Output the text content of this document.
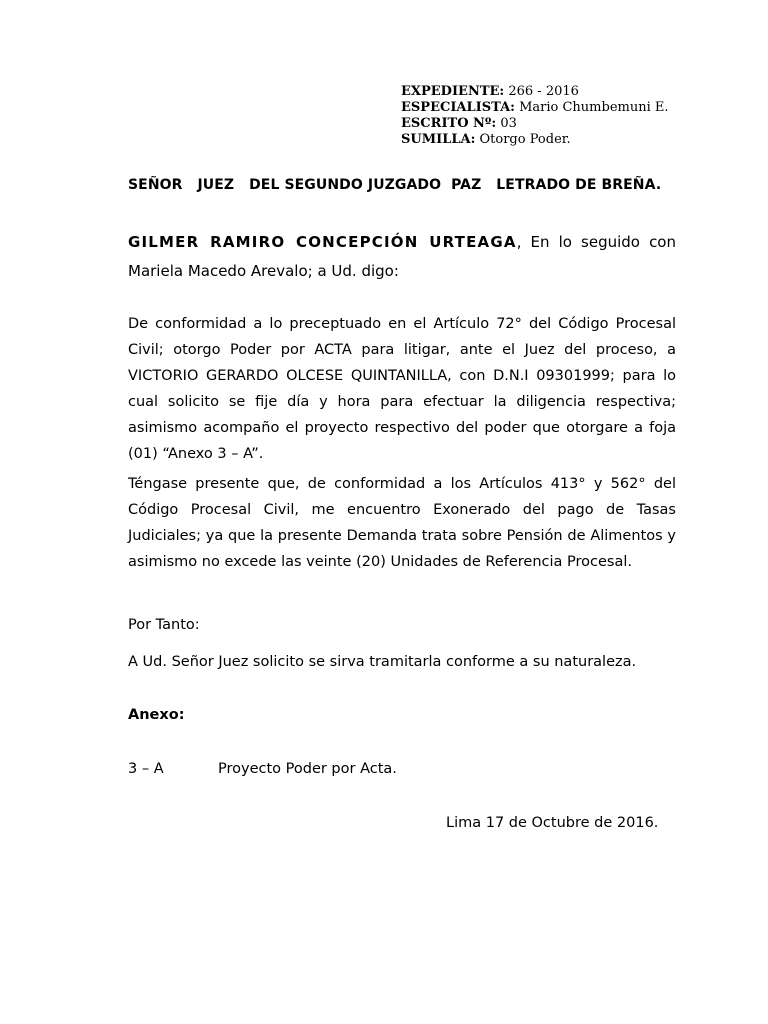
EXPEDIENTE: 266 - 2016
ESPECIALISTA: Mario Chumbemuni E.
ESCRITO Nº: 03
SUMILLA: Otorgo Poder.
SEÑOR   JUEZ   DEL SEGUNDO JUZGADO  PAZ   LETRADO DE BREÑA.
GILMER RAMIRO CONCEPCIÓN URTEAGA, En lo seguido con Mariela Macedo Arevalo; a Ud. digo:
De conformidad a lo preceptuado en el Artículo 72° del Código Procesal Civil; otorgo Poder por ACTA para litigar, ante el Juez del proceso, a VICTORIO GERARDO OLCESE QUINTANILLA, con D.N.I 09301999; para lo cual solicito se fije día y hora para efectuar la diligencia respectiva; asimismo acompaño el proyecto respectivo del poder que otorgare a foja (01) “Anexo 3 – A”.
Téngase presente que, de conformidad a los Artículos 413° y 562° del Código Procesal Civil, me encuentro Exonerado del pago de Tasas Judiciales; ya que la presente Demanda trata sobre Pensión de Alimentos y asimismo no excede las veinte (20) Unidades de Referencia Procesal.
Por Tanto:
A Ud. Señor Juez solicito se sirva tramitarla conforme a su naturaleza.
Anexo:
3 – A	Proyecto Poder por Acta.
Lima 17 de Octubre de 2016.
